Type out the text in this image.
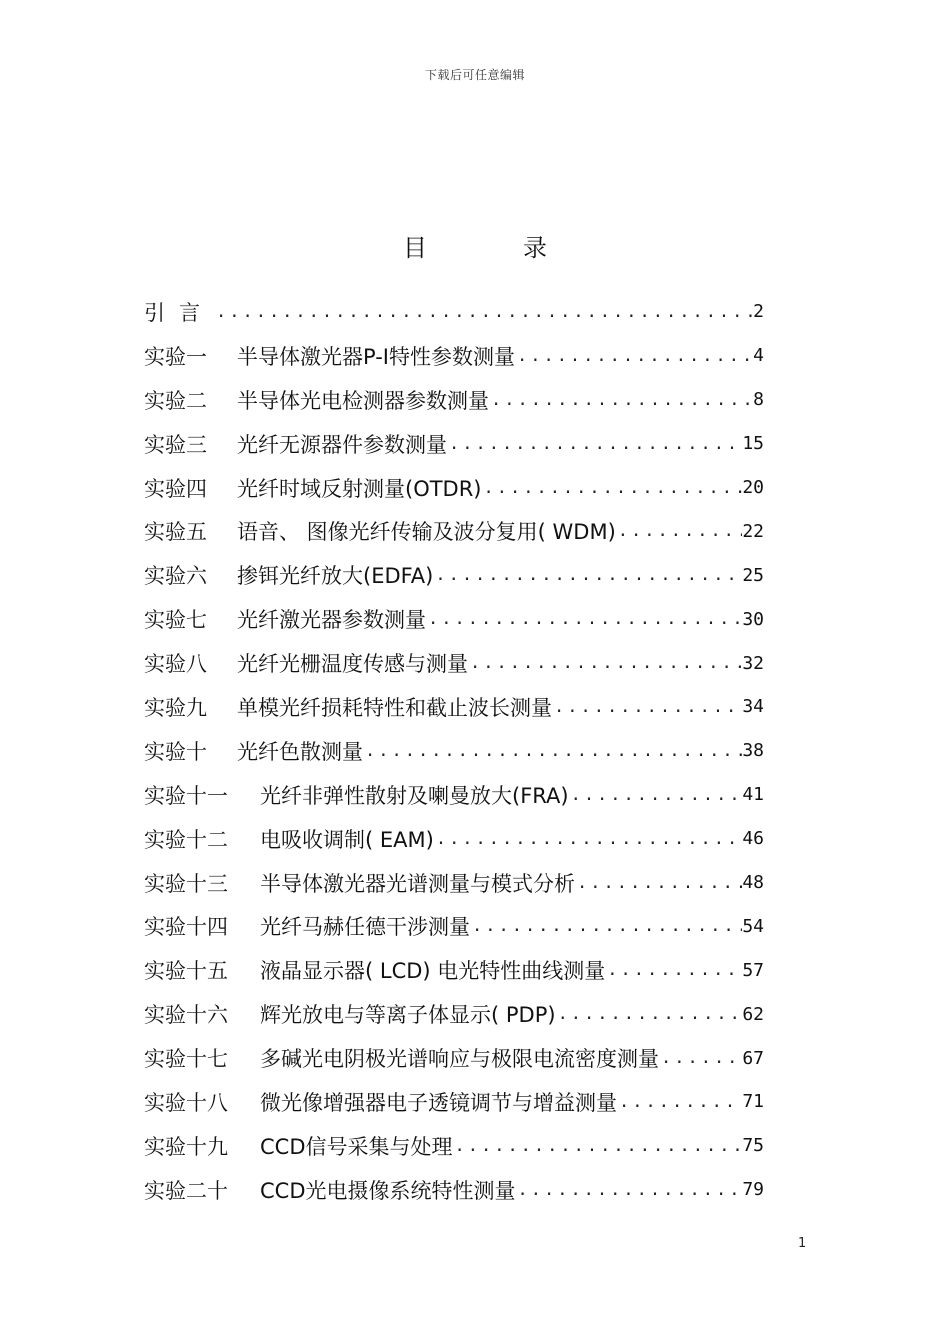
下载后可任意编辑
目	录
引言 .....	2
实验一	半导体激光器P-I特性参数测量 .....	4
实验二	半导体光电检测器参数测量 .....	8
实验三	光纤无源器件参数测量 .....	15
实验四	光纤时域反射测量(OTDR) .....	20
实验五	语音、 图像光纤传输及波分复用( WDM) .....	22
实验六	掺铒光纤放大(EDFA) .....	25
实验七	光纤激光器参数测量 .....	30
实验八	光纤光栅温度传感与测量 .....	32
实验九	单模光纤损耗特性和截止波长测量 .....	34
实验十	光纤色散测量 .....	38
实验十一	光纤非弹性散射及喇曼放大(FRA) .....	41
实验十二	电吸收调制( EAM) .....	46
实验十三	半导体激光器光谱测量与模式分析 .....	48
实验十四	光纤马赫任德干涉测量 .....	54
实验十五	液晶显示器( LCD) 电光特性曲线测量 .....	57
实验十六	辉光放电与等离子体显示( PDP) .....	62
实验十七	多碱光电阴极光谱响应与极限电流密度测量 .....	67
实验十八	微光像增强器电子透镜调节与增益测量 .....	71
实验十九	CCD信号采集与处理 .....	75
实验二十	CCD光电摄像系统特性测量 .....	79
1
